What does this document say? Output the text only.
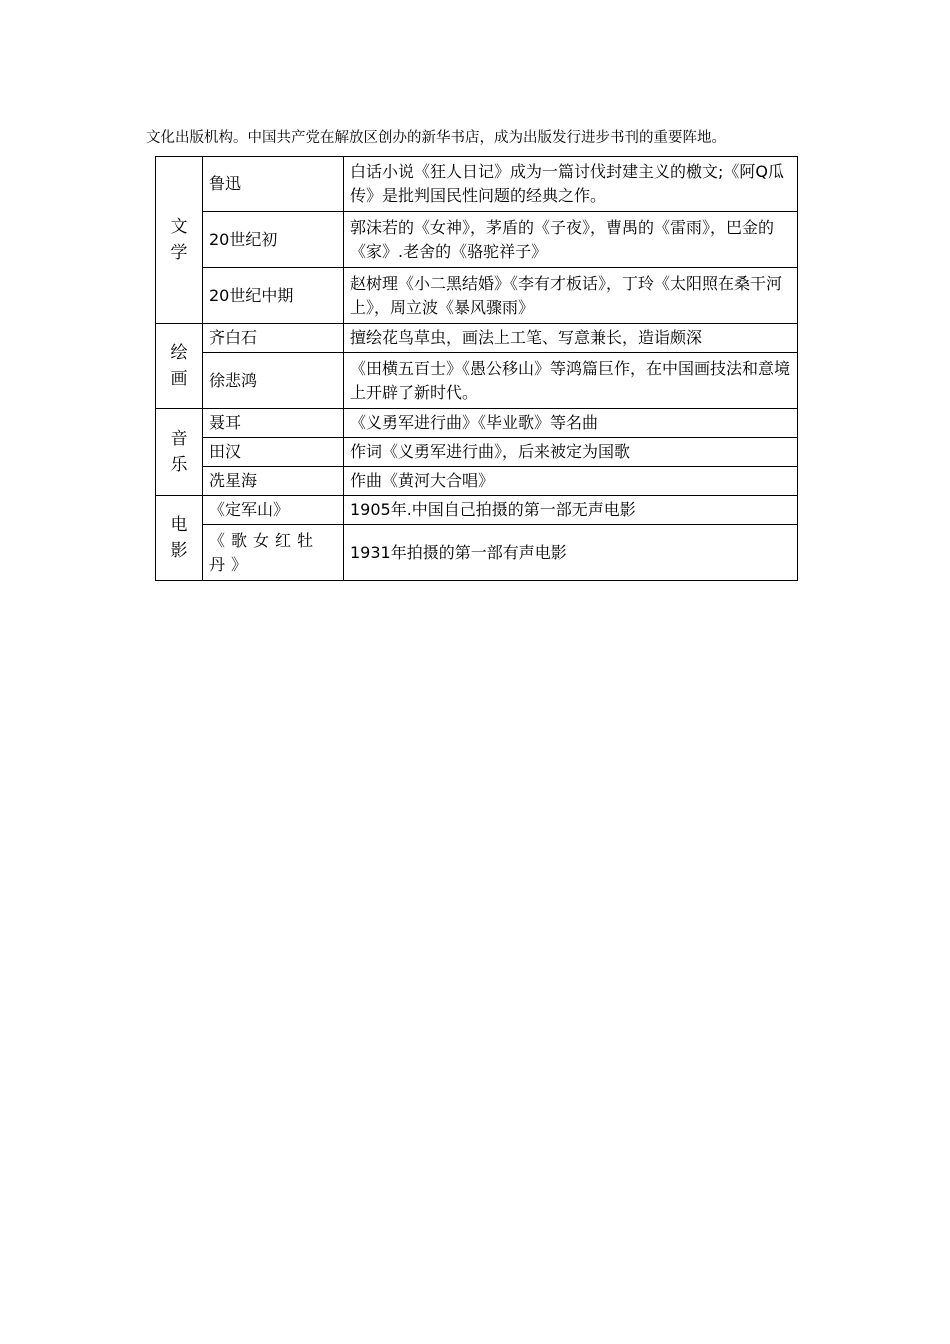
文化出版机构。中国共产党在解放区创办的新华书店，成为出版发行进步书刊的重要阵地。
文学	鲁迅	白话小说《狂人日记》成为一篇讨伐封建主义的檄文;《阿Q瓜传》是批判国民性问题的经典之作。
	20世纪初	郭沫若的《女神》，茅盾的《子夜》，曹禺的《雷雨》，巴金的《家》.老舍的《骆驼祥子》
	20世纪中期	赵树理《小二黑结婚》《李有才板话》，丁玲《太阳照在桑干河上》，周立波《暴风骤雨》
绘画	齐白石	擅绘花鸟草虫，画法上工笔、写意兼长，造诣颇深
	徐悲鸿	《田横五百士》《愚公移山》等鸿篇巨作，在中国画技法和意境上开辟了新时代。
音乐	聂耳	《义勇军进行曲》《毕业歌》等名曲
	田汉	作词《义勇军进行曲》，后来被定为国歌
	冼星海	作曲《黄河大合唱》
电影	《定军山》	1905年.中国自己拍摄的第一部无声电影
	《歌女红牡丹》	1931年拍摄的第一部有声电影
